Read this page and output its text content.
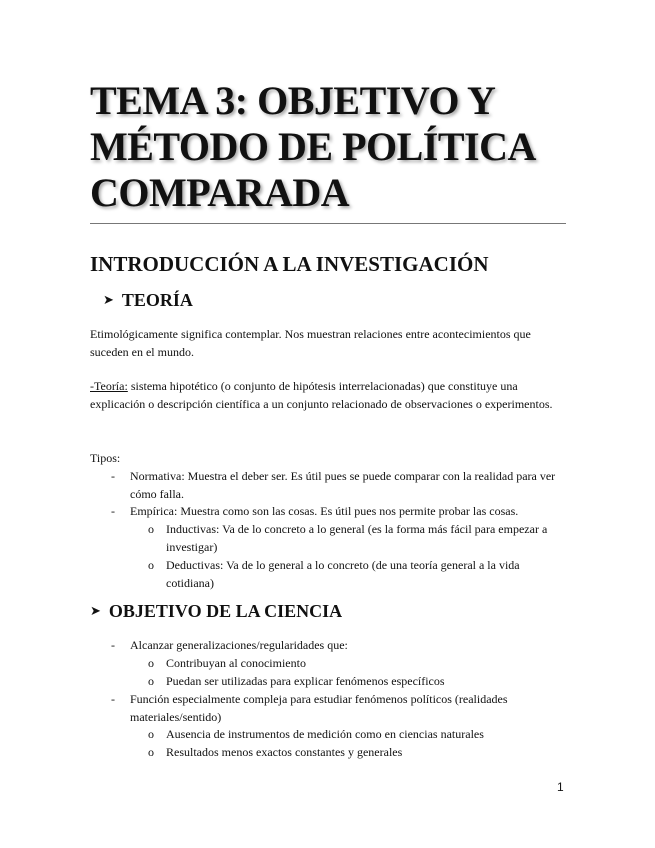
TEMA 3: OBJETIVO Y
MÉTODO DE POLÍTICA
COMPARADA
INTRODUCCIÓN A LA INVESTIGACIÓN
➤ TEORÍA

Etimológicamente significa contemplar. Nos muestran relaciones entre acontecimientos que suceden en el mundo.

-Teoría: sistema hipotético (o conjunto de hipótesis interrelacionadas) que constituye una explicación o descripción científica a un conjunto relacionado de observaciones o experimentos.

Tipos:

- Normativa: Muestra el deber ser. Es útil pues se puede comparar con la realidad para ver cómo falla.

- Empírica: Muestra como son las cosas. Es útil pues nos permite probar las cosas.

o Inductivas: Va de lo concreto a lo general (es la forma más fácil para empezar a investigar)

o Deductivas: Va de lo general a lo concreto (de una teoría general a la vida cotidiana)

➤ OBJETIVO DE LA CIENCIA
- Alcanzar generalizaciones/regularidades que:

o Contribuyan al conocimiento

o Puedan ser utilizadas para explicar fenómenos específicos

- Función especialmente compleja para estudiar fenómenos políticos (realidades materiales/sentido)

o Ausencia de instrumentos de medición como en ciencias naturales

o Resultados menos exactos constantes y generales

1
